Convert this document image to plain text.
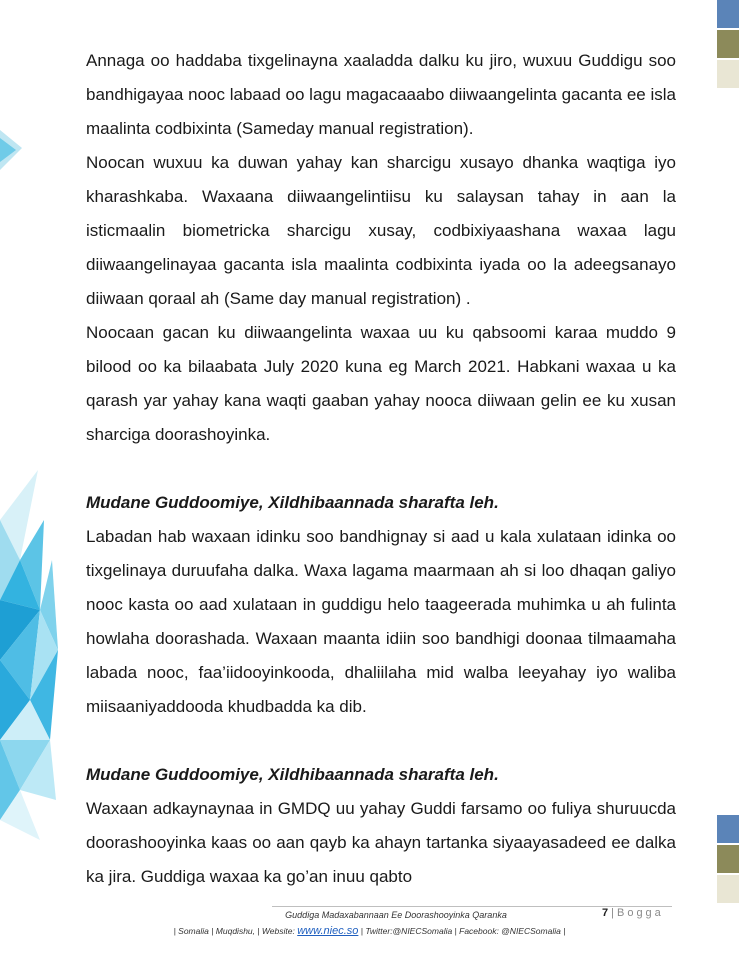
Annaga oo haddaba tixgelinayna xaaladda dalku ku jiro, wuxuu Guddigu soo bandhigayaa nooc labaad oo lagu magacaaabo diiwaangelinta gacanta ee isla maalinta codbixinta (Sameday manual registration).

Noocan wuxuu ka duwan yahay kan sharcigu xusayo dhanka waqtiga iyo kharashkaba. Waxaana diiwaangelintiisu ku salaysan tahay in aan la isticmaalin biometricka sharcigu xusay, codbixiyaashana waxaa lagu diiwaangelinayaa gacanta isla maalinta codbixinta iyada oo la adeegsanayo diiwaan qoraal ah (Same day manual registration) .

Noocaan gacan ku diiwaangelinta waxaa uu ku qabsoomi karaa muddo 9 bilood oo ka bilaabata July 2020 kuna eg March 2021. Habkani waxaa u ka qarash yar yahay kana waqti gaaban yahay nooca diiwaan gelin ee ku xusan sharciga doorashoyinka.

Mudane Guddoomiye, Xildhibaannada sharafta leh.

Labadan hab waxaan idinku soo bandhignay si aad u kala xulataan idinka oo tixgelinaya duruufaha dalka. Waxa lagama maarmaan ah si loo dhaqan galiyo nooc kasta oo aad xulataan in guddigu helo taageerada muhimka u ah fulinta howlaha doorashada. Waxaan maanta idiin soo bandhigi doonaa tilmaamaha labada nooc, faa’iidooyinkooda, dhaliilaha mid walba leeyahay iyo waliba miisaaniyaddooda khudbadda ka dib.

Mudane Guddoomiye, Xildhibaannada sharafta leh.

Waxaan adkaynaynaa in GMDQ uu yahay Guddi farsamo oo fuliya shuruucda doorashooyinka kaas oo aan qayb ka ahayn tartanka siyaayasadeed ee dalka ka jira. Guddiga waxaa ka go’an inuu qabto

Guddiga Madaxabannaan Ee Doorashooyinka Qaranka	7 | Bogga
| Somalia | Muqdishu, | Website: www.niec.so | Twitter:@NIECSomalia | Facebook: @NIECSomalia |
